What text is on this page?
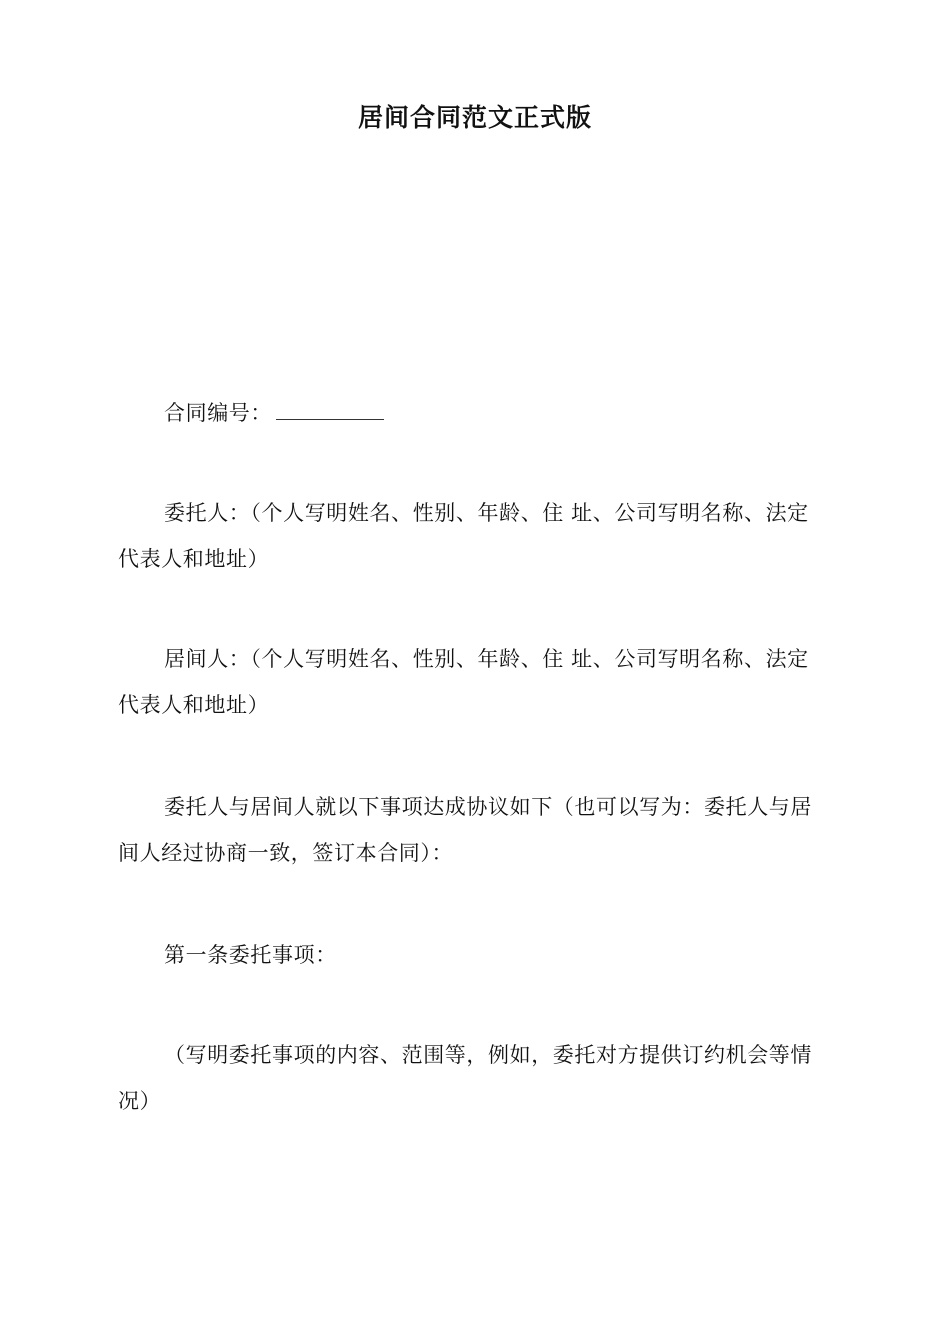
居间合同范文正式版
合同编号：
委托人：（个人写明姓名、性别、年龄、住 址、公司写明名称、法定代表人和地址）
居间人：（个人写明姓名、性别、年龄、住 址、公司写明名称、法定代表人和地址）
委托人与居间人就以下事项达成协议如下（也可以写为：委托人与居间人经过协商一致，签订本合同）：
第一条委托事项：
（写明委托事项的内容、范围等，例如，委托对方提供订约机会等情况）
